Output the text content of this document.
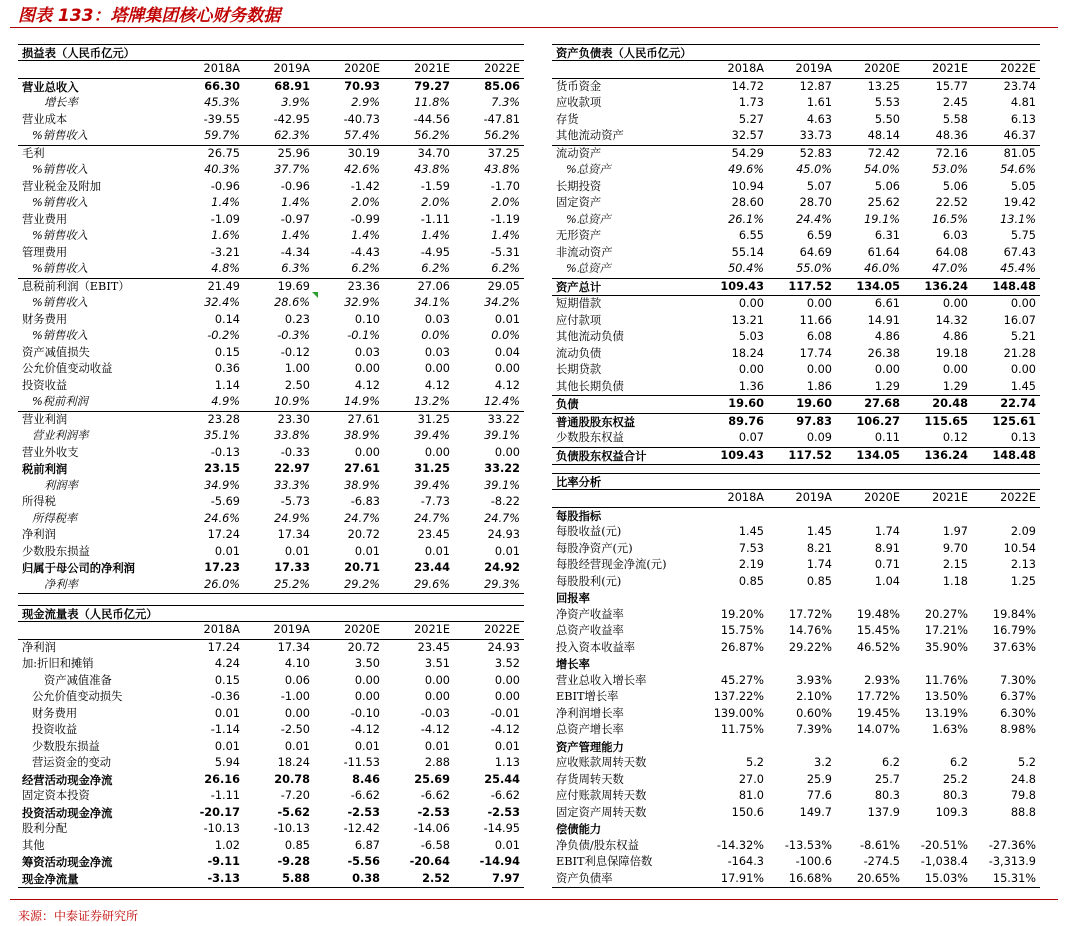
图表 133：塔牌集团核心财务数据
损益表（人民币亿元）					
	2018A	2019A	2020E	2021E	2022E
营业总收入	66.30	68.91	70.93	79.27	85.06
增长率	45.3%	3.9%	2.9%	11.8%	7.3%
营业成本	-39.55	-42.95	-40.73	-44.56	-47.81
%销售收入	59.7%	62.3%	57.4%	56.2%	56.2%
毛利	26.75	25.96	30.19	34.70	37.25
%销售收入	40.3%	37.7%	42.6%	43.8%	43.8%
营业税金及附加	-0.96	-0.96	-1.42	-1.59	-1.70
%销售收入	1.4%	1.4%	2.0%	2.0%	2.0%
营业费用	-1.09	-0.97	-0.99	-1.11	-1.19
%销售收入	1.6%	1.4%	1.4%	1.4%	1.4%
管理费用	-3.21	-4.34	-4.43	-4.95	-5.31
%销售收入	4.8%	6.3%	6.2%	6.2%	6.2%
息税前利润（EBIT）	21.49	19.69	23.36	27.06	29.05
%销售收入	32.4%	28.6%	32.9%	34.1%	34.2%
财务费用	0.14	0.23	0.10	0.03	0.01
%销售收入	-0.2%	-0.3%	-0.1%	0.0%	0.0%
资产减值损失	0.15	-0.12	0.03	0.03	0.04
公允价值变动收益	0.36	1.00	0.00	0.00	0.00
投资收益	1.14	2.50	4.12	4.12	4.12
%税前利润	4.9%	10.9%	14.9%	13.2%	12.4%
营业利润	23.28	23.30	27.61	31.25	33.22
营业利润率	35.1%	33.8%	38.9%	39.4%	39.1%
营业外收支	-0.13	-0.33	0.00	0.00	0.00
税前利润	23.15	22.97	27.61	31.25	33.22
利润率	34.9%	33.3%	38.9%	39.4%	39.1%
所得税	-5.69	-5.73	-6.83	-7.73	-8.22
所得税率	24.6%	24.9%	24.7%	24.7%	24.7%
净利润	17.24	17.34	20.72	23.45	24.93
少数股东损益	0.01	0.01	0.01	0.01	0.01
归属于母公司的净利润	17.23	17.33	20.71	23.44	24.92
净利率	26.0%	25.2%	29.2%	29.6%	29.3%
现金流量表（人民币亿元）					
	2018A	2019A	2020E	2021E	2022E
净利润	17.24	17.34	20.72	23.45	24.93
加:折旧和摊销	4.24	4.10	3.50	3.51	3.52
资产减值准备	0.15	0.06	0.00	0.00	0.00
公允价值变动损失	-0.36	-1.00	0.00	0.00	0.00
财务费用	0.01	0.00	-0.10	-0.03	-0.01
投资收益	-1.14	-2.50	-4.12	-4.12	-4.12
少数股东损益	0.01	0.01	0.01	0.01	0.01
营运资金的变动	5.94	18.24	-11.53	2.88	1.13
经营活动现金净流	26.16	20.78	8.46	25.69	25.44
固定资本投资	-1.11	-7.20	-6.62	-6.62	-6.62
投资活动现金净流	-20.17	-5.62	-2.53	-2.53	-2.53
股利分配	-10.13	-10.13	-12.42	-14.06	-14.95
其他	1.02	0.85	6.87	-6.58	0.01
筹资活动现金净流	-9.11	-9.28	-5.56	-20.64	-14.94
现金净流量	-3.13	5.88	0.38	2.52	7.97
资产负债表（人民币亿元）					
	2018A	2019A	2020E	2021E	2022E
货币资金	14.72	12.87	13.25	15.77	23.74
应收款项	1.73	1.61	5.53	2.45	4.81
存货	5.27	4.63	5.50	5.58	6.13
其他流动资产	32.57	33.73	48.14	48.36	46.37
流动资产	54.29	52.83	72.42	72.16	81.05
%总资产	49.6%	45.0%	54.0%	53.0%	54.6%
长期投资	10.94	5.07	5.06	5.06	5.05
固定资产	28.60	28.70	25.62	22.52	19.42
%总资产	26.1%	24.4%	19.1%	16.5%	13.1%
无形资产	6.55	6.59	6.31	6.03	5.75
非流动资产	55.14	64.69	61.64	64.08	67.43
%总资产	50.4%	55.0%	46.0%	47.0%	45.4%
资产总计	109.43	117.52	134.05	136.24	148.48
短期借款	0.00	0.00	6.61	0.00	0.00
应付款项	13.21	11.66	14.91	14.32	16.07
其他流动负债	5.03	6.08	4.86	4.86	5.21
流动负债	18.24	17.74	26.38	19.18	21.28
长期贷款	0.00	0.00	0.00	0.00	0.00
其他长期负债	1.36	1.86	1.29	1.29	1.45
负债	19.60	19.60	27.68	20.48	22.74
普通股股东权益	89.76	97.83	106.27	115.65	125.61
少数股东权益	0.07	0.09	0.11	0.12	0.13
负债股东权益合计	109.43	117.52	134.05	136.24	148.48
比率分析					
	2018A	2019A	2020E	2021E	2022E
每股指标					
每股收益(元)	1.45	1.45	1.74	1.97	2.09
每股净资产(元)	7.53	8.21	8.91	9.70	10.54
每股经营现金净流(元)	2.19	1.74	0.71	2.15	2.13
每股股利(元)	0.85	0.85	1.04	1.18	1.25
回报率					
净资产收益率	19.20%	17.72%	19.48%	20.27%	19.84%
总资产收益率	15.75%	14.76%	15.45%	17.21%	16.79%
投入资本收益率	26.87%	29.22%	46.52%	35.90%	37.63%
增长率					
营业总收入增长率	45.27%	3.93%	2.93%	11.76%	7.30%
EBIT增长率	137.22%	2.10%	17.72%	13.50%	6.37%
净利润增长率	139.00%	0.60%	19.45%	13.19%	6.30%
总资产增长率	11.75%	7.39%	14.07%	1.63%	8.98%
资产管理能力					
应收账款周转天数	5.2	3.2	6.2	6.2	5.2
存货周转天数	27.0	25.9	25.7	25.2	24.8
应付账款周转天数	81.0	77.6	80.3	80.3	79.8
固定资产周转天数	150.6	149.7	137.9	109.3	88.8
偿债能力					
净负债/股东权益	-14.32%	-13.53%	-8.61%	-20.51%	-27.36%
EBIT利息保障倍数	-164.3	-100.6	-274.5	-1,038.4	-3,313.9
资产负债率	17.91%	16.68%	20.65%	15.03%	15.31%
来源：中泰证券研究所
